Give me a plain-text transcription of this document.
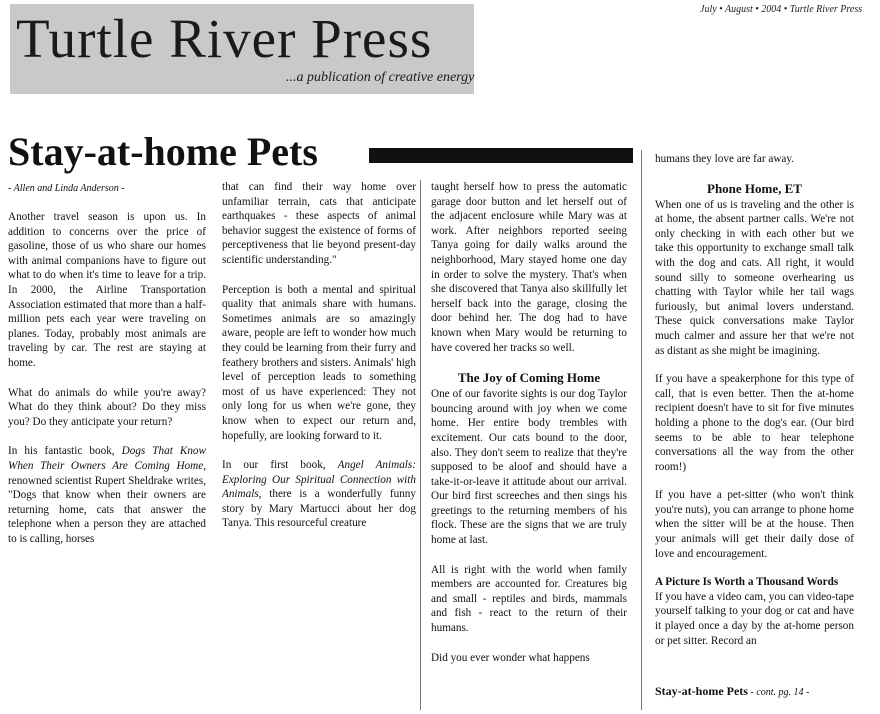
Turtle River Press
...a publication of creative energy
July • August • 2004 • Turtle River Press
Stay-at-home Pets
- Allen and Linda Anderson -

Another travel season is upon us. In addition to concerns over the price of gasoline, those of us who share our homes with animal companions have to figure out what to do when it's time to leave for a trip. In 2000, the Airline Transportation Association estimated that more than a half-million pets each year were traveling on planes. Today, probably most animals are traveling by car. The rest are staying at home.

What do animals do while you're away? What do they think about? Do they miss you? Do they anticipate your return?

In his fantastic book, Dogs That Know When Their Owners Are Coming Home, renowned scientist Rupert Sheldrake writes, "Dogs that know when their owners are returning home, cats that answer the telephone when a person they are attached to is calling, horses

that can find their way home over unfamiliar terrain, cats that anticipate earthquakes - these aspects of animal behavior suggest the existence of forms of perceptiveness that lie beyond present-day scientific understanding."

Perception is both a mental and spiritual quality that animals share with humans. Sometimes animals are so amazingly aware, people are left to wonder how much they could be learning from their furry and feathery brothers and sisters. Animals' high level of perception leads to something most of us have experienced: They not only long for us when we're gone, they know when to expect our return and, hopefully, are looking forward to it.

In our first book, Angel Animals: Exploring Our Spiritual Connection with Animals, there is a wonderfully funny story by Mary Martucci about her dog Tanya. This resourceful creature

taught herself how to press the automatic garage door button and let herself out of the adjacent enclosure while Mary was at work. After neighbors reported seeing Tanya going for daily walks around the neighborhood, Mary stayed home one day in order to solve the mystery. That's when she discovered that Tanya also skillfully let herself back into the garage, closing the door behind her. The dog had to have known when Mary would be returning to have covered her tracks so well.

The Joy of Coming Home

One of our favorite sights is our dog Taylor bouncing around with joy when we come home. Her entire body trembles with excitement. Our cats bound to the door, also. They don't seem to realize that they're supposed to be aloof and should have a take-it-or-leave it attitude about our arrival. Our bird first screeches and then sings his greetings to the returning members of his flock. These are the signs that we are truly home at last.

All is right with the world when family members are accounted for. Creatures big and small - reptiles and birds, mammals and fish - react to the return of their humans.

Did you ever wonder what happens

humans they love are far away.

Phone Home, ET

When one of us is traveling and the other is at home, the absent partner calls. We're not only checking in with each other but we take this opportunity to exchange small talk with the dog and cats. All right, it would sound silly to someone overhearing us chatting with Taylor while her tail wags furiously, but animal lovers understand. These quick conversations make Taylor much calmer and assure her that we're not as distant as she might be imagining.

If you have a speakerphone for this type of call, that is even better. Then the at-home recipient doesn't have to sit for five minutes holding a phone to the dog's ear. (Our bird seems to be able to hear telephone conversations all the way from the other room!)

If you have a pet-sitter (who won't think you're nuts), you can arrange to phone home when the sitter will be at the house. Then your animals will get their daily dose of love and encouragement.

A Picture Is Worth a Thousand Words

If you have a video cam, you can video-tape yourself talking to your dog or cat and have it played once a day by the at-home person or pet sitter. Record an

Stay-at-home Pets - cont. pg. 14 -
